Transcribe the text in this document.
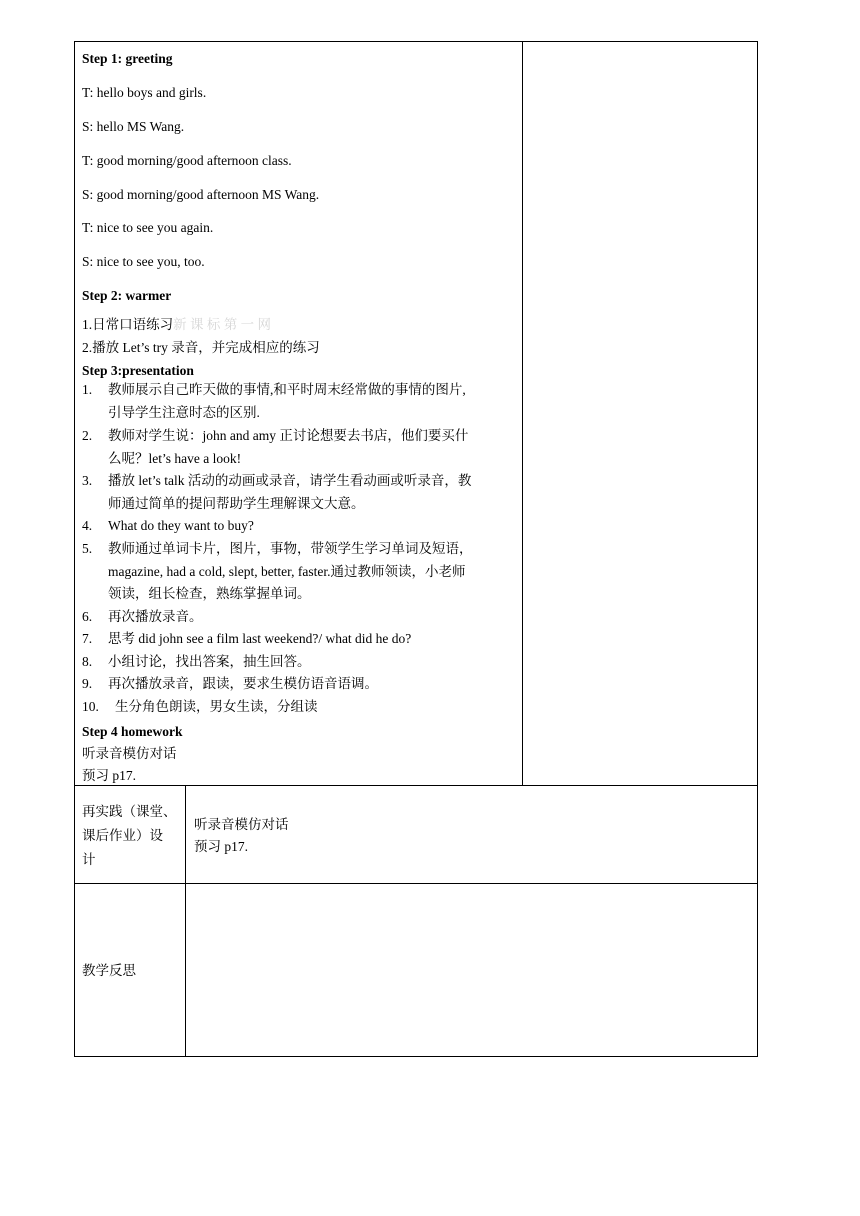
Step 1: greeting
T: hello boys and girls.
S: hello MS Wang.
T: good morning/good afternoon class.
S: good morning/good afternoon MS Wang.
T: nice to see you again.
S: nice to see you, too.
Step 2: warmer
1.日常口语练习新 课 标 第 一 网
2.播放 Let’s try 录音，并完成相应的练习
Step 3:presentation
1. 教师展示自己昨天做的事情,和平时周末经常做的事情的图片,
引导学生注意时态的区别.
2. 教师对学生说：john and amy 正讨论想要去书店，他们要买什
么呢？let’s have a look!
3. 播放 let’s talk 活动的动画或录音，请学生看动画或听录音，教
师通过简单的提问帮助学生理解课文大意。
4. What do they want to buy?
5. 教师通过单词卡片，图片，事物，带领学生学习单词及短语，
magazine, had a cold, slept, better, faster.通过教师领读，小老师
领读，组长检查，熟练掌握单词。
6. 再次播放录音。
7. 思考 did john see a film last weekend?/ what did he do?
8. 小组讨论，找出答案，抽生回答。
9. 再次播放录音，跟读，要求生模仿语音语调。
10. 生分角色朗读，男女生读，分组读
Step 4 homework
听录音模仿对话
预习 p17.
再实践（课堂、
课后作业）设
计
听录音模仿对话
预习 p17.
教学反思
